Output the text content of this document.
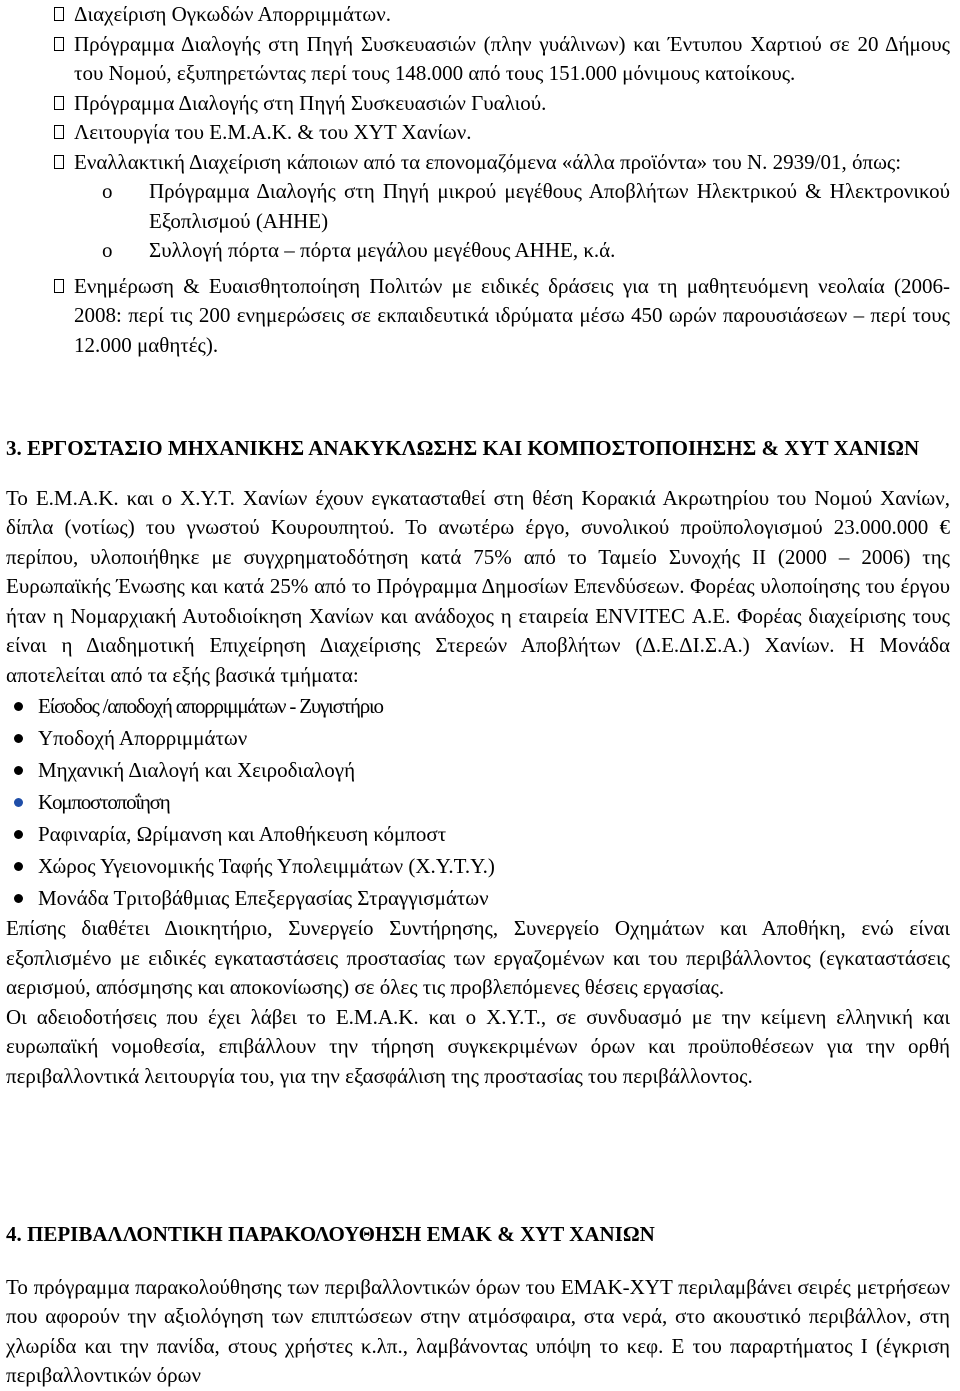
Διαχείριση Ογκωδών Απορριμμάτων.

Πρόγραμμα Διαλογής στη Πηγή Συσκευασιών (πλην γυάλινων) και Έντυπου Χαρτιού σε 20 Δήμους του Νομού, εξυπηρετώντας περί τους 148.000 από τους 151.000 μόνιμους κατοίκους.

Πρόγραμμα Διαλογής στη Πηγή Συσκευασιών Γυαλιού.

Λειτουργία του Ε.Μ.Α.Κ. & του ΧΥΤ Χανίων.

Εναλλακτική Διαχείριση κάποιων από τα επονομαζόμενα «άλλα προϊόντα» του Ν. 2939/01, όπως:

o Πρόγραμμα Διαλογής στη Πηγή μικρού μεγέθους Αποβλήτων Ηλεκτρικού & Ηλεκτρονικού Εξοπλισμού (ΑΗΗΕ)

o Συλλογή πόρτα – πόρτα μεγάλου μεγέθους ΑΗΗΕ, κ.ά.

Ενημέρωση & Ευαισθητοποίηση Πολιτών με ειδικές δράσεις για τη μαθητευόμενη νεολαία (2006-2008: περί τις 200 ενημερώσεις σε εκπαιδευτικά ιδρύματα μέσω 450 ωρών παρουσιάσεων – περί τους 12.000 μαθητές).

3. ΕΡΓΟΣΤΑΣΙΟ ΜΗΧΑΝΙΚΗΣ ΑΝΑΚΥΚΛΩΣΗΣ ΚΑΙ ΚΟΜΠΟΣΤΟΠΟΙΗΣΗΣ & ΧΥΤ ΧΑΝΙΩΝ

Το Ε.Μ.Α.Κ. και ο Χ.Υ.Τ. Χανίων έχουν εγκατασταθεί στη θέση Κορακιά Ακρωτηρίου του Νομού Χανίων, δίπλα (νοτίως) του γνωστού Κουρουπητού. Το ανωτέρω έργο, συνολικού προϋπολογισμού 23.000.000 € περίπου, υλοποιήθηκε με συγχρηματοδότηση κατά 75% από το Ταμείο Συνοχής ΙΙ (2000 – 2006) της Ευρωπαϊκής Ένωσης και κατά 25% από το Πρόγραμμα Δημοσίων Επενδύσεων. Φορέας υλοποίησης του έργου ήταν η Νομαρχιακή Αυτοδιοίκηση Χανίων και ανάδοχος η εταιρεία ENVITEC Α.Ε. Φορέας διαχείρισης τους είναι η Διαδημοτική Επιχείρηση Διαχείρισης Στερεών Αποβλήτων (Δ.Ε.ΔΙ.Σ.Α.) Χανίων. Η Μονάδα αποτελείται από τα εξής βασικά τμήματα:

Είσοδος /αποδοχή απορριμμάτων - Ζυγιστήριο

Υποδοχή Απορριμμάτων

Μηχανική Διαλογή και Χειροδιαλογή

Κομποστοποΐηση

Ραφιναρία, Ωρίμανση και Αποθήκευση κόμποστ

Χώρος Υγειονομικής Ταφής Υπολειμμάτων (Χ.Υ.Τ.Υ.)

Μονάδα Τριτοβάθμιας Επεξεργασίας Στραγγισμάτων

Επίσης διαθέτει Διοικητήριο, Συνεργείο Συντήρησης, Συνεργείο Οχημάτων και Αποθήκη, ενώ είναι εξοπλισμένο με ειδικές εγκαταστάσεις προστασίας των εργαζομένων και του περιβάλλοντος (εγκαταστάσεις αερισμού, απόσμησης και αποκονίωσης) σε όλες τις προβλεπόμενες θέσεις εργασίας.

Οι αδειοδοτήσεις που έχει λάβει το Ε.Μ.Α.Κ. και ο Χ.Υ.Τ., σε συνδυασμό με την κείμενη ελληνική και ευρωπαϊκή νομοθεσία, επιβάλλουν την τήρηση συγκεκριμένων όρων και προϋποθέσεων για την ορθή περιβαλλοντικά λειτουργία του, για την εξασφάλιση της προστασίας του περιβάλλοντος.

4. ΠΕΡΙΒΑΛΛΟΝΤΙΚΗ ΠΑΡΑΚΟΛΟΥΘΗΣΗ ΕΜΑΚ & ΧΥΤ ΧΑΝΙΩΝ

Το πρόγραμμα παρακολούθησης των περιβαλλοντικών όρων του ΕΜΑΚ-ΧΥΤ περιλαμβάνει σειρές μετρήσεων που αφορούν την αξιολόγηση των επιπτώσεων στην ατμόσφαιρα, στα νερά, στο ακουστικό περιβάλλον, στη χλωρίδα και την πανίδα, στους χρήστες κ.λπ., λαμβάνοντας υπόψη το κεφ. Ε του παραρτήματος Ι (έγκριση περιβαλλοντικών όρων
